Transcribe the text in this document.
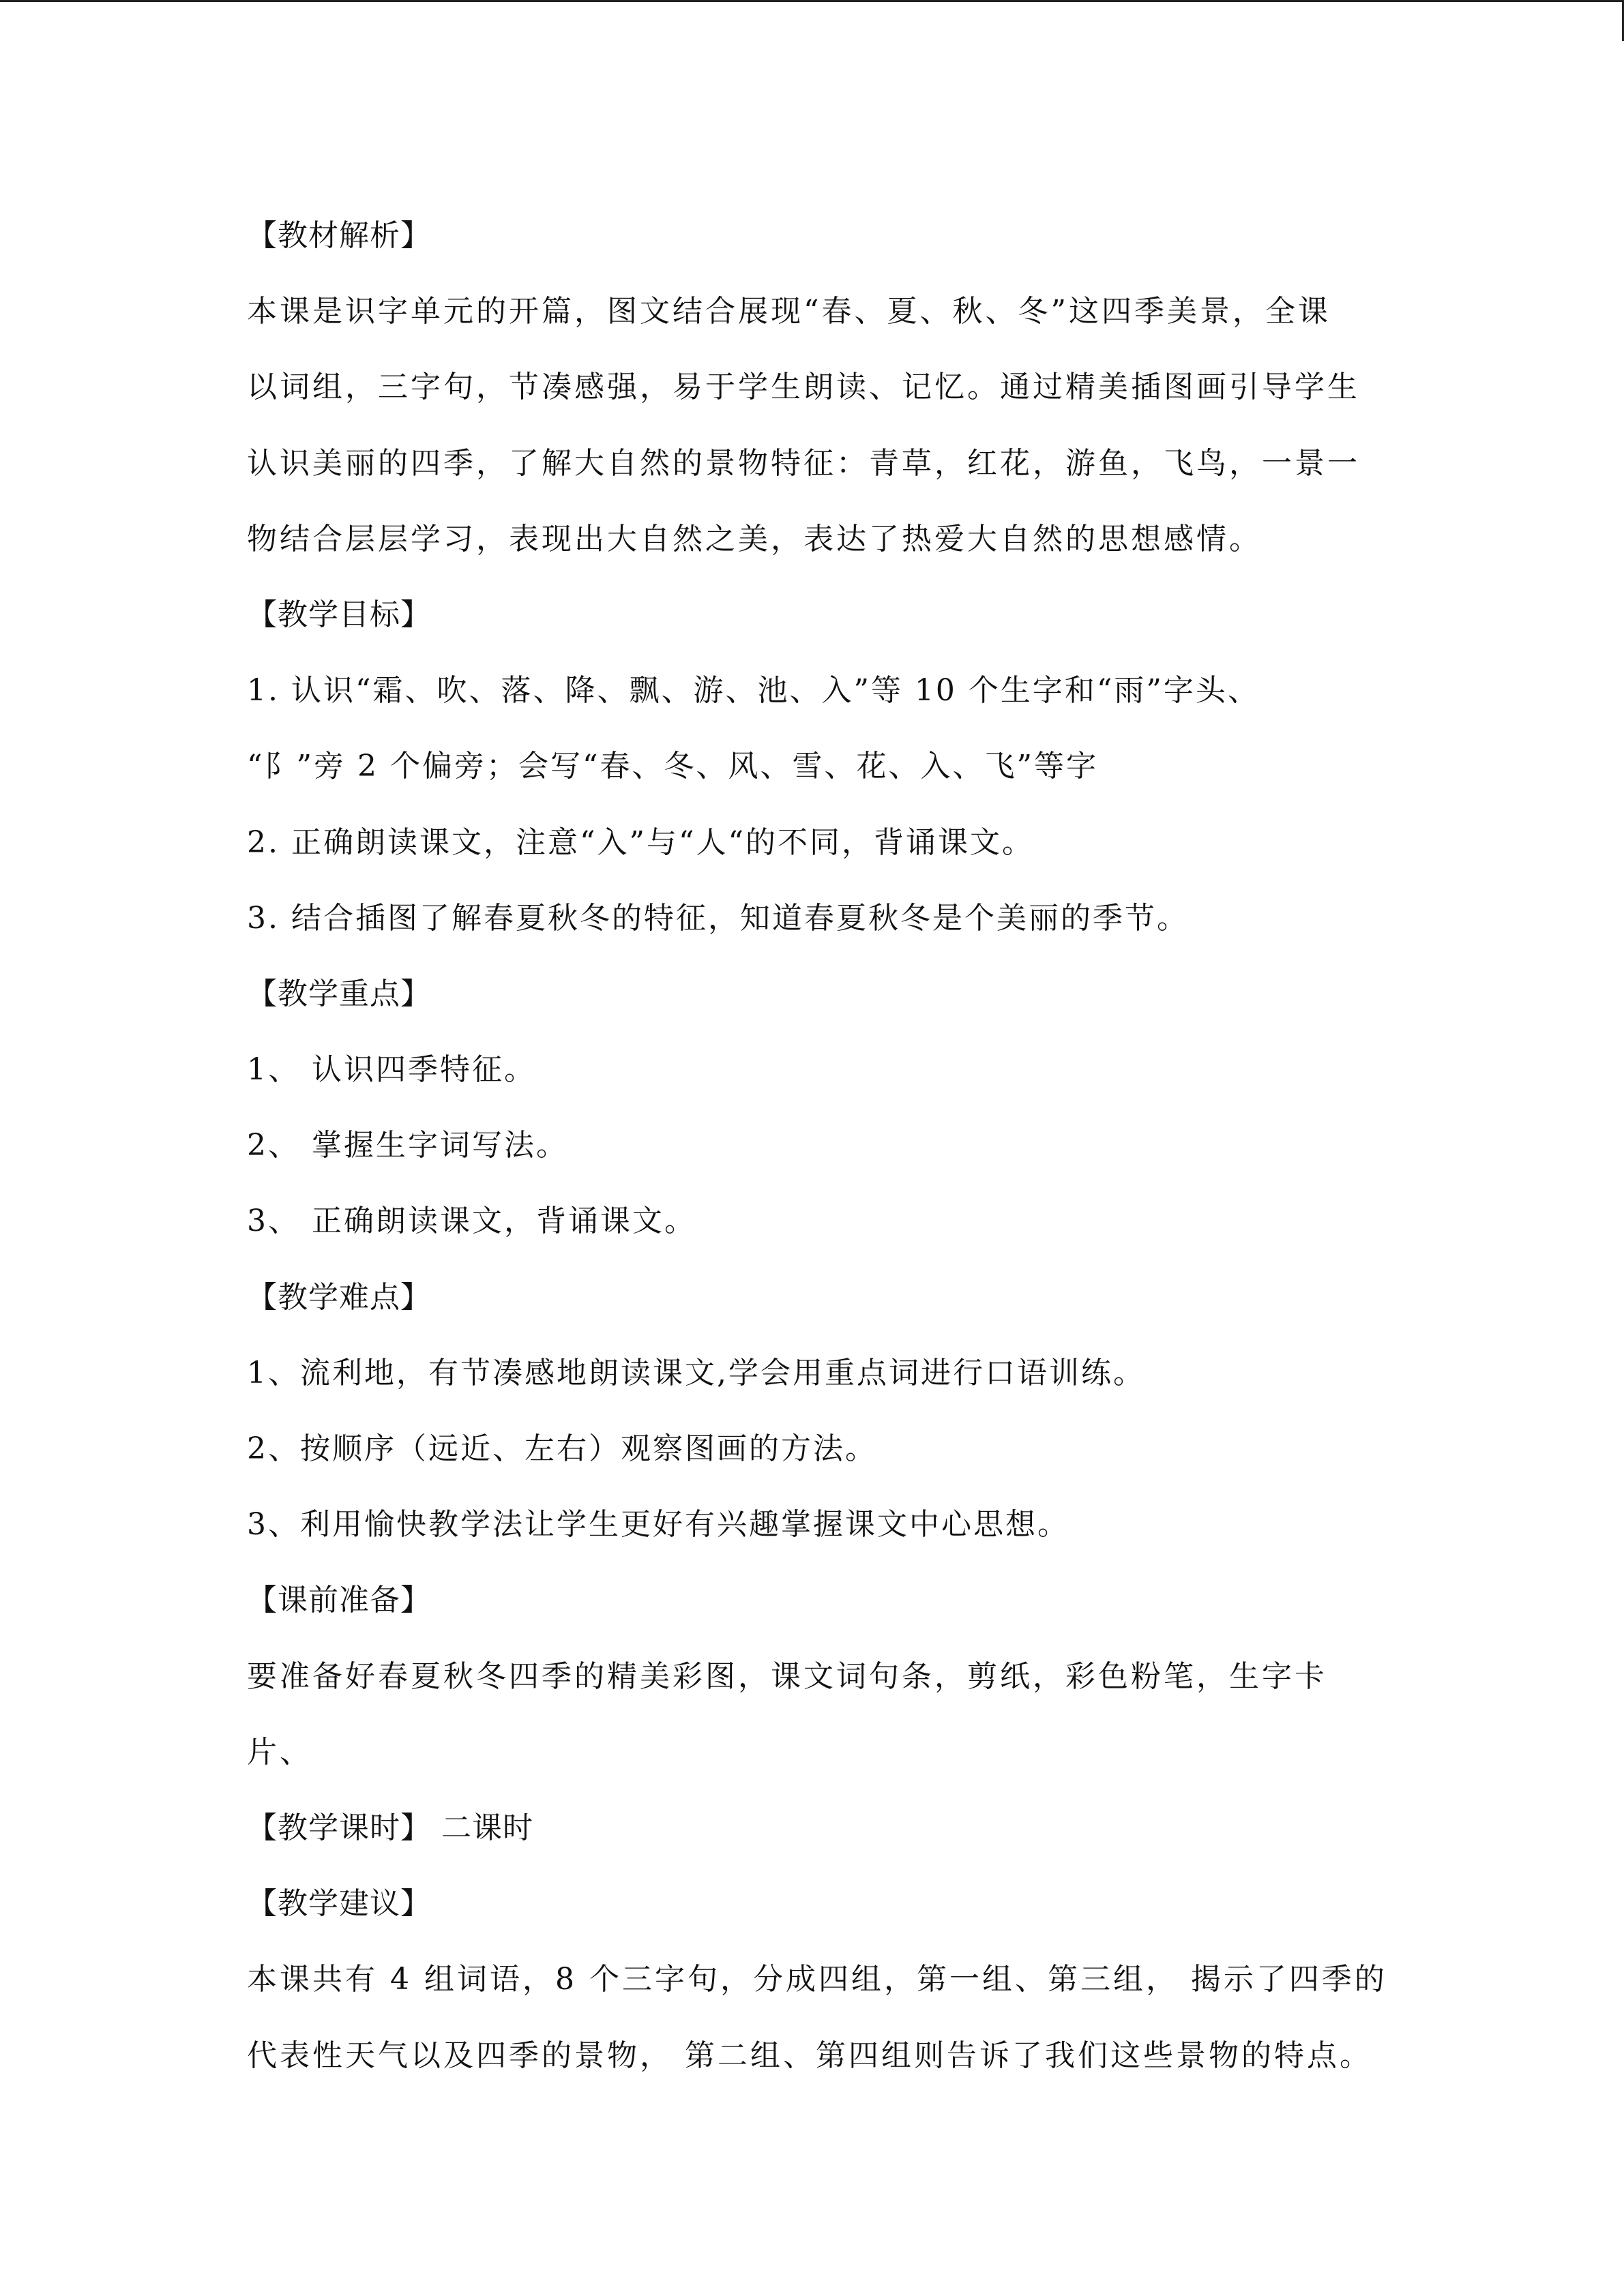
【教材解析】
本课是识字单元的开篇，图文结合展现“春、夏、秋、冬”这四季美景，全课
以词组，三字句，节凑感强，易于学生朗读、记忆。通过精美插图画引导学生
认识美丽的四季，了解大自然的景物特征：青草，红花，游鱼，飞鸟，一景一
物结合层层学习，表现出大自然之美，表达了热爱大自然的思想感情。
【教学目标】
1. 认识“霜、吹、落、降、飘、游、池、入”等 10 个生字和“雨”字头、
“阝”旁 2 个偏旁；会写“春、冬、风、雪、花、入、飞”等字
2. 正确朗读课文，注意“入”与“人“的不同，背诵课文。
3. 结合插图了解春夏秋冬的特征，知道春夏秋冬是个美丽的季节。
【教学重点】
1、 认识四季特征。
2、 掌握生字词写法。
3、 正确朗读课文，背诵课文。
【教学难点】
1、流利地，有节凑感地朗读课文,学会用重点词进行口语训练。
2、按顺序（远近、左右）观察图画的方法。
3、利用愉快教学法让学生更好有兴趣掌握课文中心思想。
【课前准备】
要准备好春夏秋冬四季的精美彩图，课文词句条，剪纸，彩色粉笔，生字卡
片、
【教学课时】 二课时
【教学建议】
本课共有 4 组词语，8 个三字句，分成四组，第一组、第三组， 揭示了四季的
代表性天气以及四季的景物， 第二组、第四组则告诉了我们这些景物的特点。
